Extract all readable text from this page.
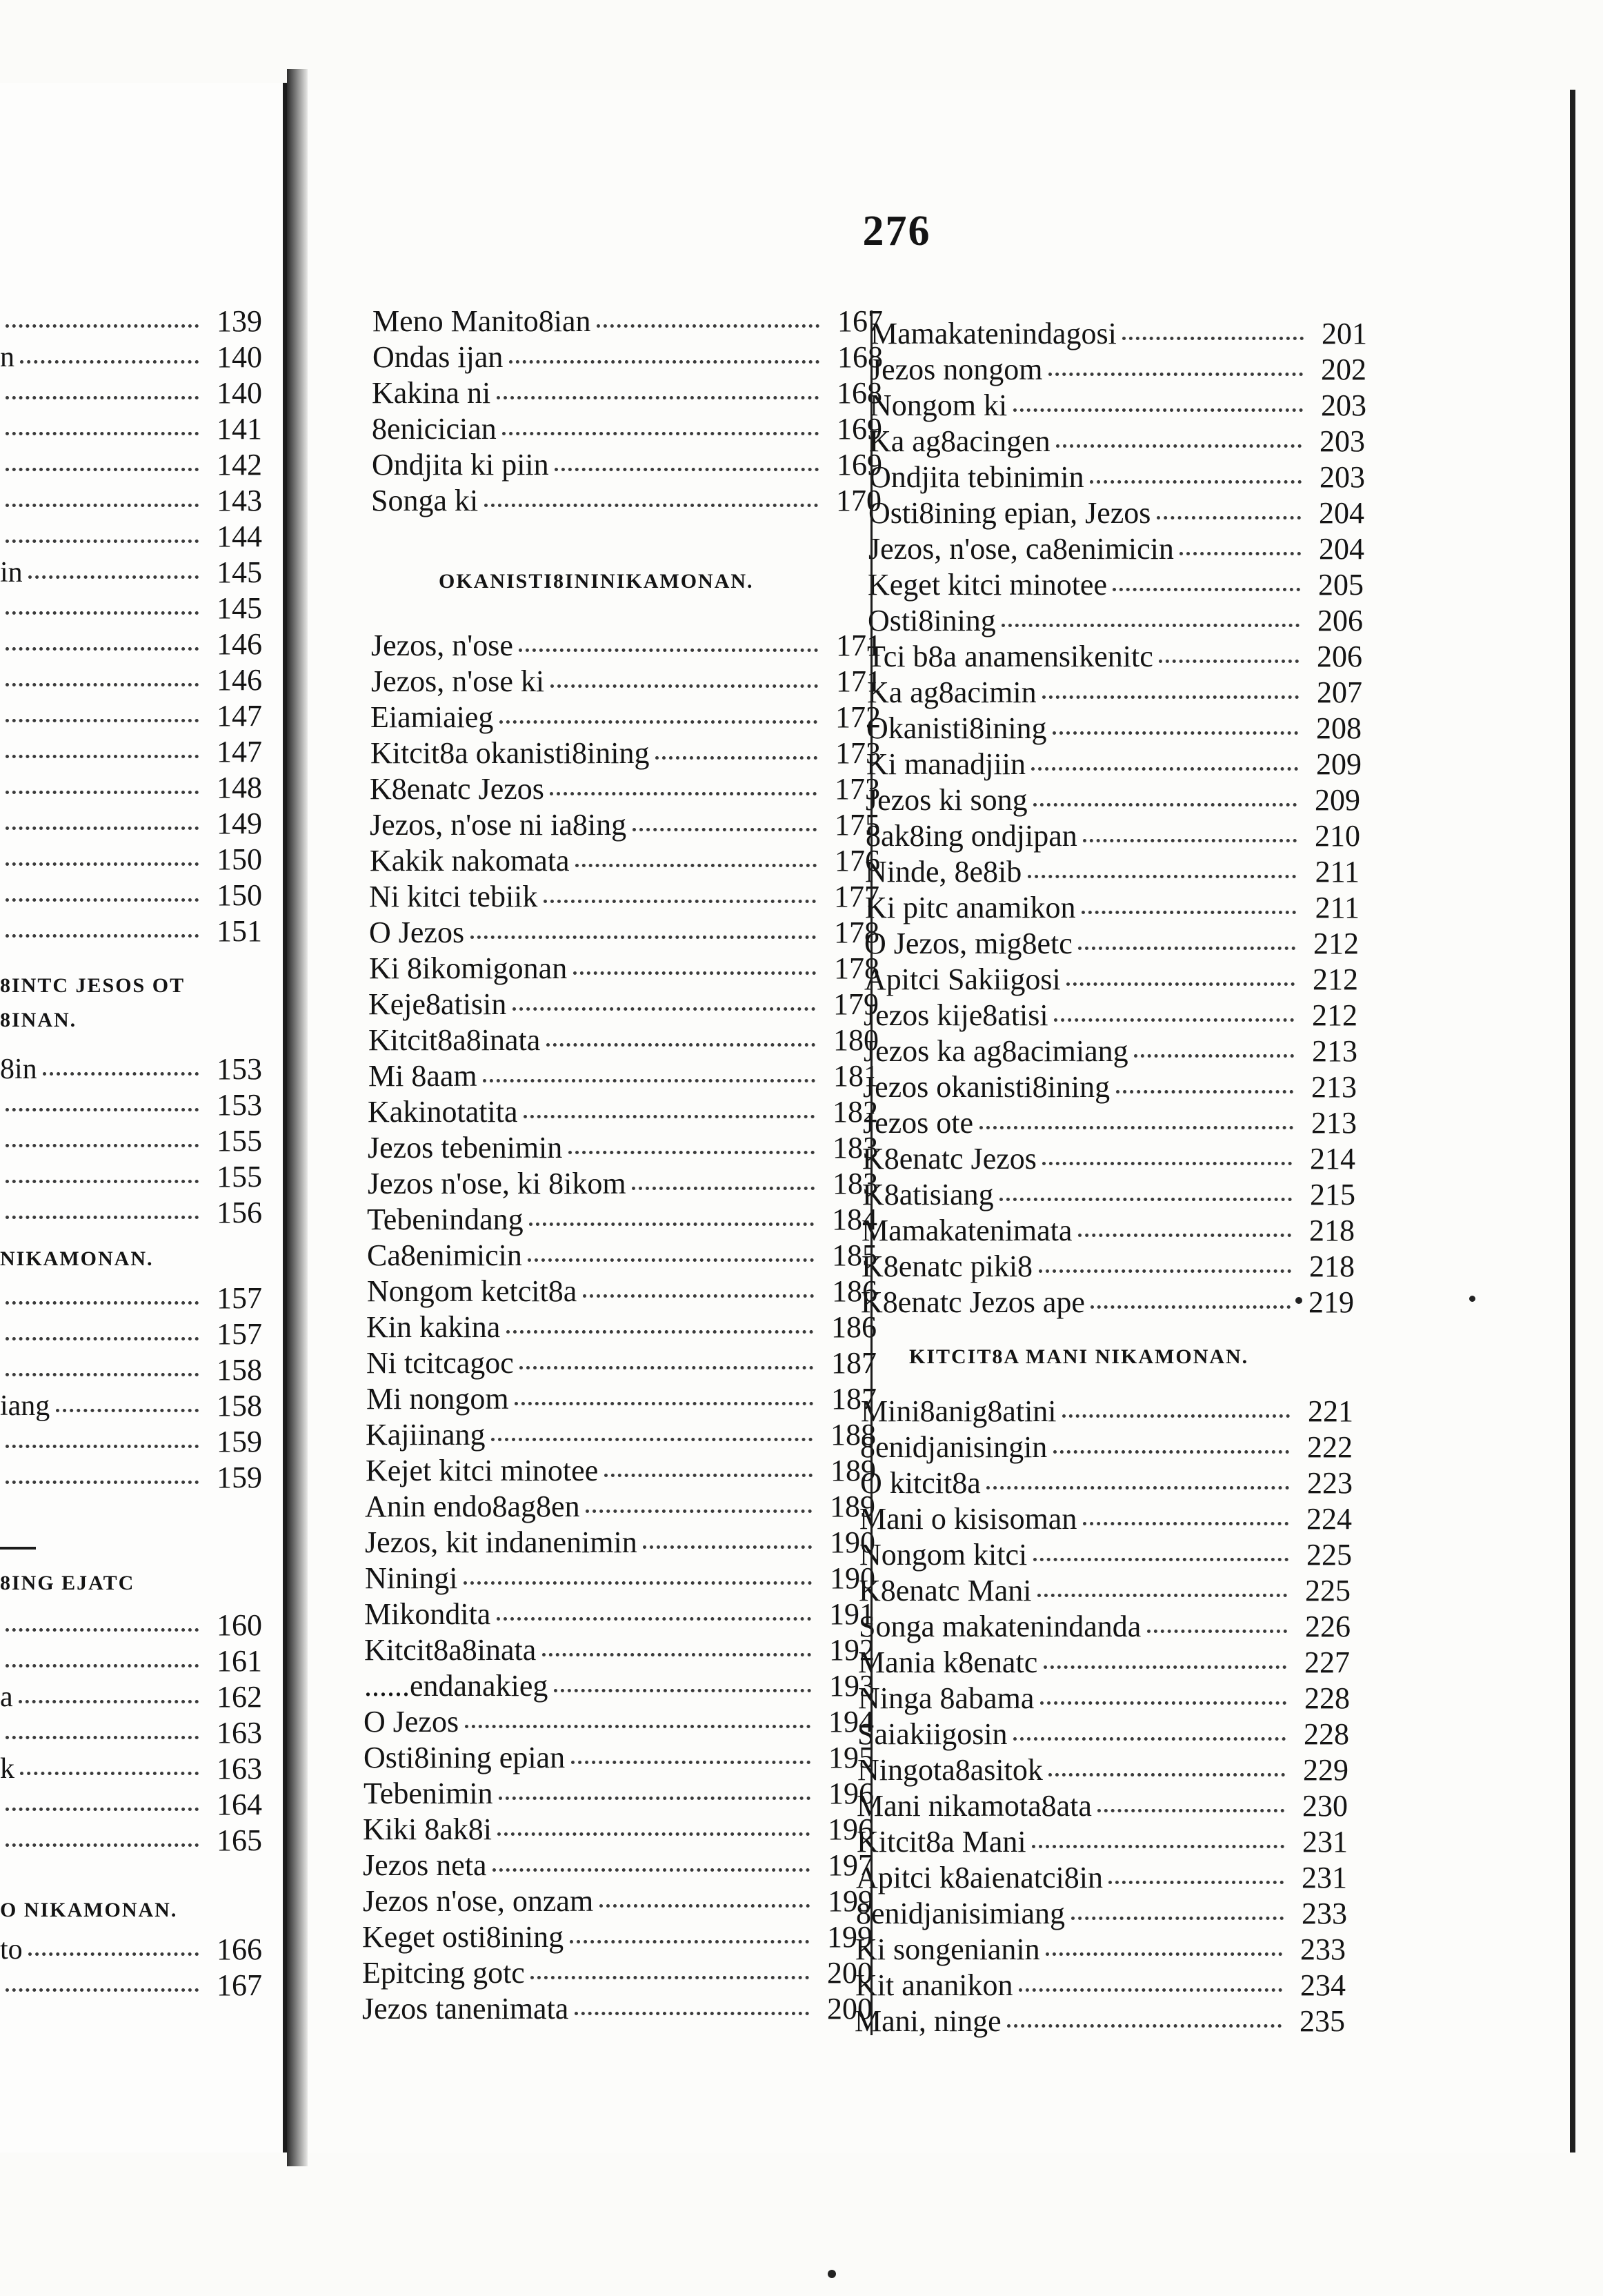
276
Meno Manito8ian	167
Ondas ijan	168
Kakina ni	168
8enicician	169
Ondjita ki piin	169
Songa ki	170
Jezos, n'ose	171
Jezos, n'ose ki	171
Eiamiaieg	172
Kitcit8a okanisti8ining	173
K8enatc Jezos	173
Jezos, n'ose ni ia8ing	175
Kakik nakomata	176
Ni kitci tebiik	177
O Jezos	178
Ki 8ikomigonan	178
Keje8atisin	179
Kitcit8a8inata	180
Mi 8aam	181
Kakinotatita	182
Jezos tebenimin	183
Jezos n'ose, ki 8ikom	183
Tebenindang	184
Ca8enimicin	185
Nongom ketcit8a	186
Kin kakina	186
Ni tcitcagoc	187
Mi nongom	187
Kajiinang	188
Kejet kitci minotee	189
Anin endo8ag8en	189
Jezos, kit indanenimin	190
Niningi	190
Mikondita	191
Kitcit8a8inata	192
......endanakieg	193
O Jezos	194
Osti8ining epian	195
Tebenimin	196
Kiki 8ak8i	196
Jezos neta	197
Jezos n'ose, onzam	199
Keget osti8ining	199
Epitcing gotc	200
Jezos tanenimata	200
Mamakatenindagosi	201
Jezos nongom	202
Nongom ki	203
Ka ag8acingen	203
Ondjita tebinimin	203
Osti8ining epian, Jezos	204
Jezos, n'ose, ca8enimicin	204
Keget kitci minotee	205
Osti8ining	206
Tci b8a anamensikenitc	206
Ka ag8acimin	207
Okanisti8ining	208
Ki manadjiin	209
Jezos ki song	209
8ak8ing ondjipan	210
Ninde, 8e8ib	211
Ki pitc anamikon	211
O Jezos, mig8etc	212
Apitci Sakiigosi	212
Jezos kije8atisi	212
Jezos ka ag8acimiang	213
Jezos okanisti8ining	213
Jezos ote	213
K8enatc Jezos	214
K8atisiang	215
Mamakatenimata	218
K8enatc piki8	218
K8enatc Jezos ape	219
Mini8anig8atini	221
8enidjanisingin	222
O kitcit8a	223
Mani o kisisoman	224
Nongom kitci	225
K8enatc Mani	225
Songa makatenindanda	226
Mania k8enatc	227
Ninga 8abama	228
Saiakiigosin	228
Ningota8asitok	229
Mani nikamota8ata	230
Kitcit8a Mani	231
Apitci k8aienatci8in	231
8enidjanisimiang	233
Ki songenianin	233
Kit ananikon	234
Mani, ninge	235
139
n	140
140
141
142
143
144
in	145
145
146
146
147
147
148
149
150
150
151
8in	153
153
155
155
156
157
157
158
iang	158
159
159
160
161
a	162
163
k	163
164
165
to	166
167
OKANISTI8ININIKAMONAN.
KITCIT8A MANI NIKAMONAN.
8INTC JESOS OT
8INAN.
NIKAMONAN.
8ING EJATC
O NIKAMONAN.
